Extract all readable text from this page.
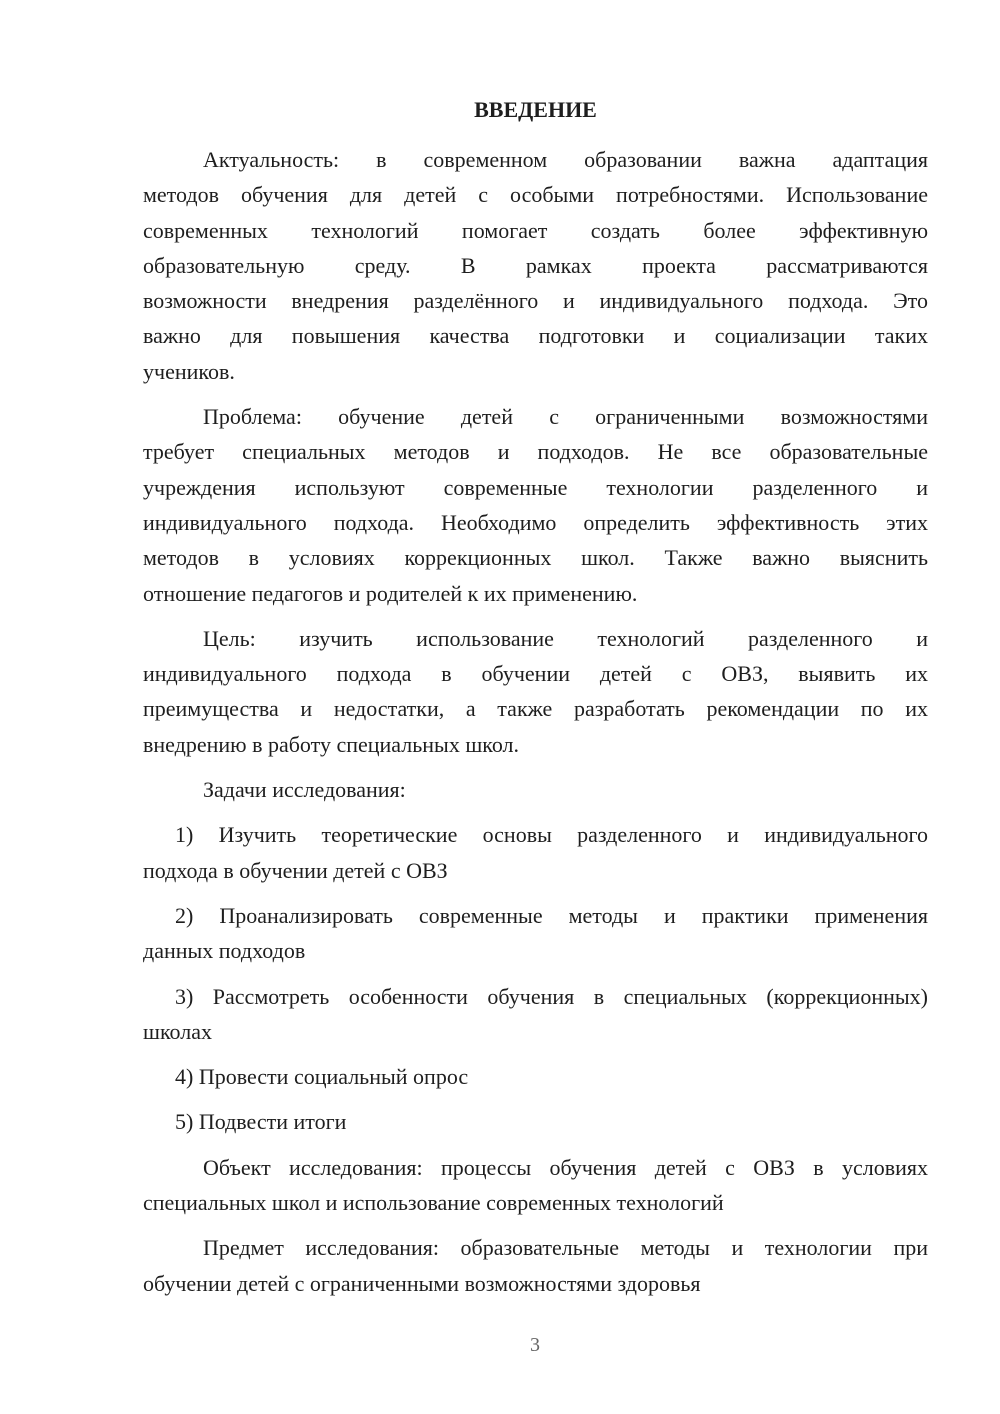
ВВЕДЕНИЕ
Актуальность: в современном образовании важна адаптация
методов обучения для детей с особыми потребностями. Использование
современных технологий помогает создать более эффективную
образовательную среду. В рамках проекта рассматриваются
возможности внедрения разделённого и индивидуального подхода. Это
важно для повышения качества подготовки и социализации таких
учеников.
Проблема: обучение детей с ограниченными возможностями
требует специальных методов и подходов. Не все образовательные
учреждения используют современные технологии разделенного и
индивидуального подхода. Необходимо определить эффективность этих
методов в условиях коррекционных школ. Также важно выяснить
отношение педагогов и родителей к их применению.
Цель: изучить использование технологий разделенного и
индивидуального подхода в обучении детей с ОВЗ, выявить их
преимущества и недостатки, а также разработать рекомендации по их
внедрению в работу специальных школ.
Задачи исследования:
1) Изучить теоретические основы разделенного и индивидуального
подхода в обучении детей с ОВЗ
2) Проанализировать современные методы и практики применения
данных подходов
3) Рассмотреть особенности обучения в специальных (коррекционных)
школах
4) Провести социальный опрос
5) Подвести итоги
Объект исследования: процессы обучения детей с ОВЗ в условиях
специальных школ и использование современных технологий
Предмет исследования: образовательные методы и технологии при
обучении детей с ограниченными возможностями здоровья
3
